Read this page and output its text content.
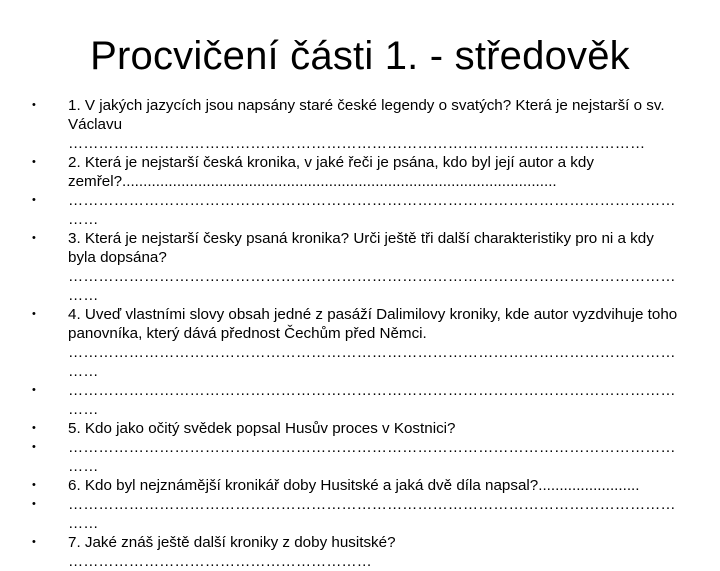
Procvičení části 1. - středověk
•	1. V jakých jazycích jsou napsány staré české legendy o svatých? Která je nejstarší o sv. Václavu ……………………………………………………………………………………………………
•	2. Která je nejstarší česká kronika, v jaké řeči je psána, kdo byl její autor a kdy zemřel?.......................................................................................................
•	………………………………………………………………………………………………………………
•	3. Která je nejstarší česky psaná kronika? Urči ještě tři další charakteristiky pro ni a kdy byla dopsána? ………………………………………………………………………………………………………………
•	4. Uveď vlastními slovy obsah jedné z pasáží Dalimilovy kroniky, kde autor vyzdvihuje toho panovníka, který dává přednost Čechům před Němci. ………………………………………………………………………………………………………………
•	………………………………………………………………………………………………………………
•	5. Kdo jako očitý svědek popsal Husův proces v Kostnici?
•	………………………………………………………………………………………………………………
•	6. Kdo byl nejznámější kronikář doby Husitské a jaká dvě díla napsal?........................
•	………………………………………………………………………………………………………………
•	7. Jaké znáš ještě další kroniky z doby husitské? ……………………………………………………
